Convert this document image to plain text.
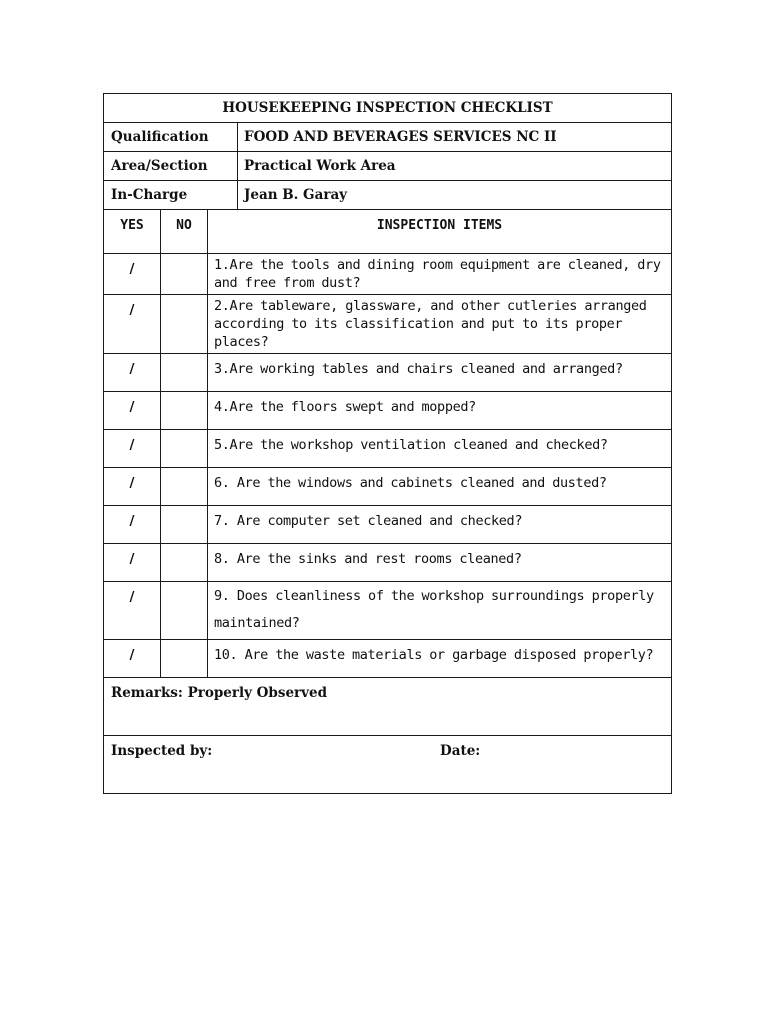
HOUSEKEEPING INSPECTION CHECKLIST			
Qualification			FOOD AND BEVERAGES SERVICES NC II
Area/Section			Practical Work Area
In-Charge			Jean B. Garay
YES	NO	INSPECTION ITEMS	
/		1.Are the tools and dining room equipment are cleaned, dry and free from dust?	
/		2.Are tableware, glassware, and other cutleries arranged according to its classification and put to its proper places?	
/		3.Are working tables and chairs cleaned and arranged?	
/		4.Are the floors swept and mopped?	
/		5.Are the workshop ventilation cleaned and checked?	
/		6. Are the windows and cabinets cleaned and dusted?	
/		7. Are computer set cleaned and checked?	
/		8. Are the sinks and rest rooms cleaned?	
/		9. Does cleanliness of the workshop surroundings properly maintained?	
/		10. Are the waste materials or garbage disposed properly?	
Remarks: Properly Observed			
Inspected by: Date:			
